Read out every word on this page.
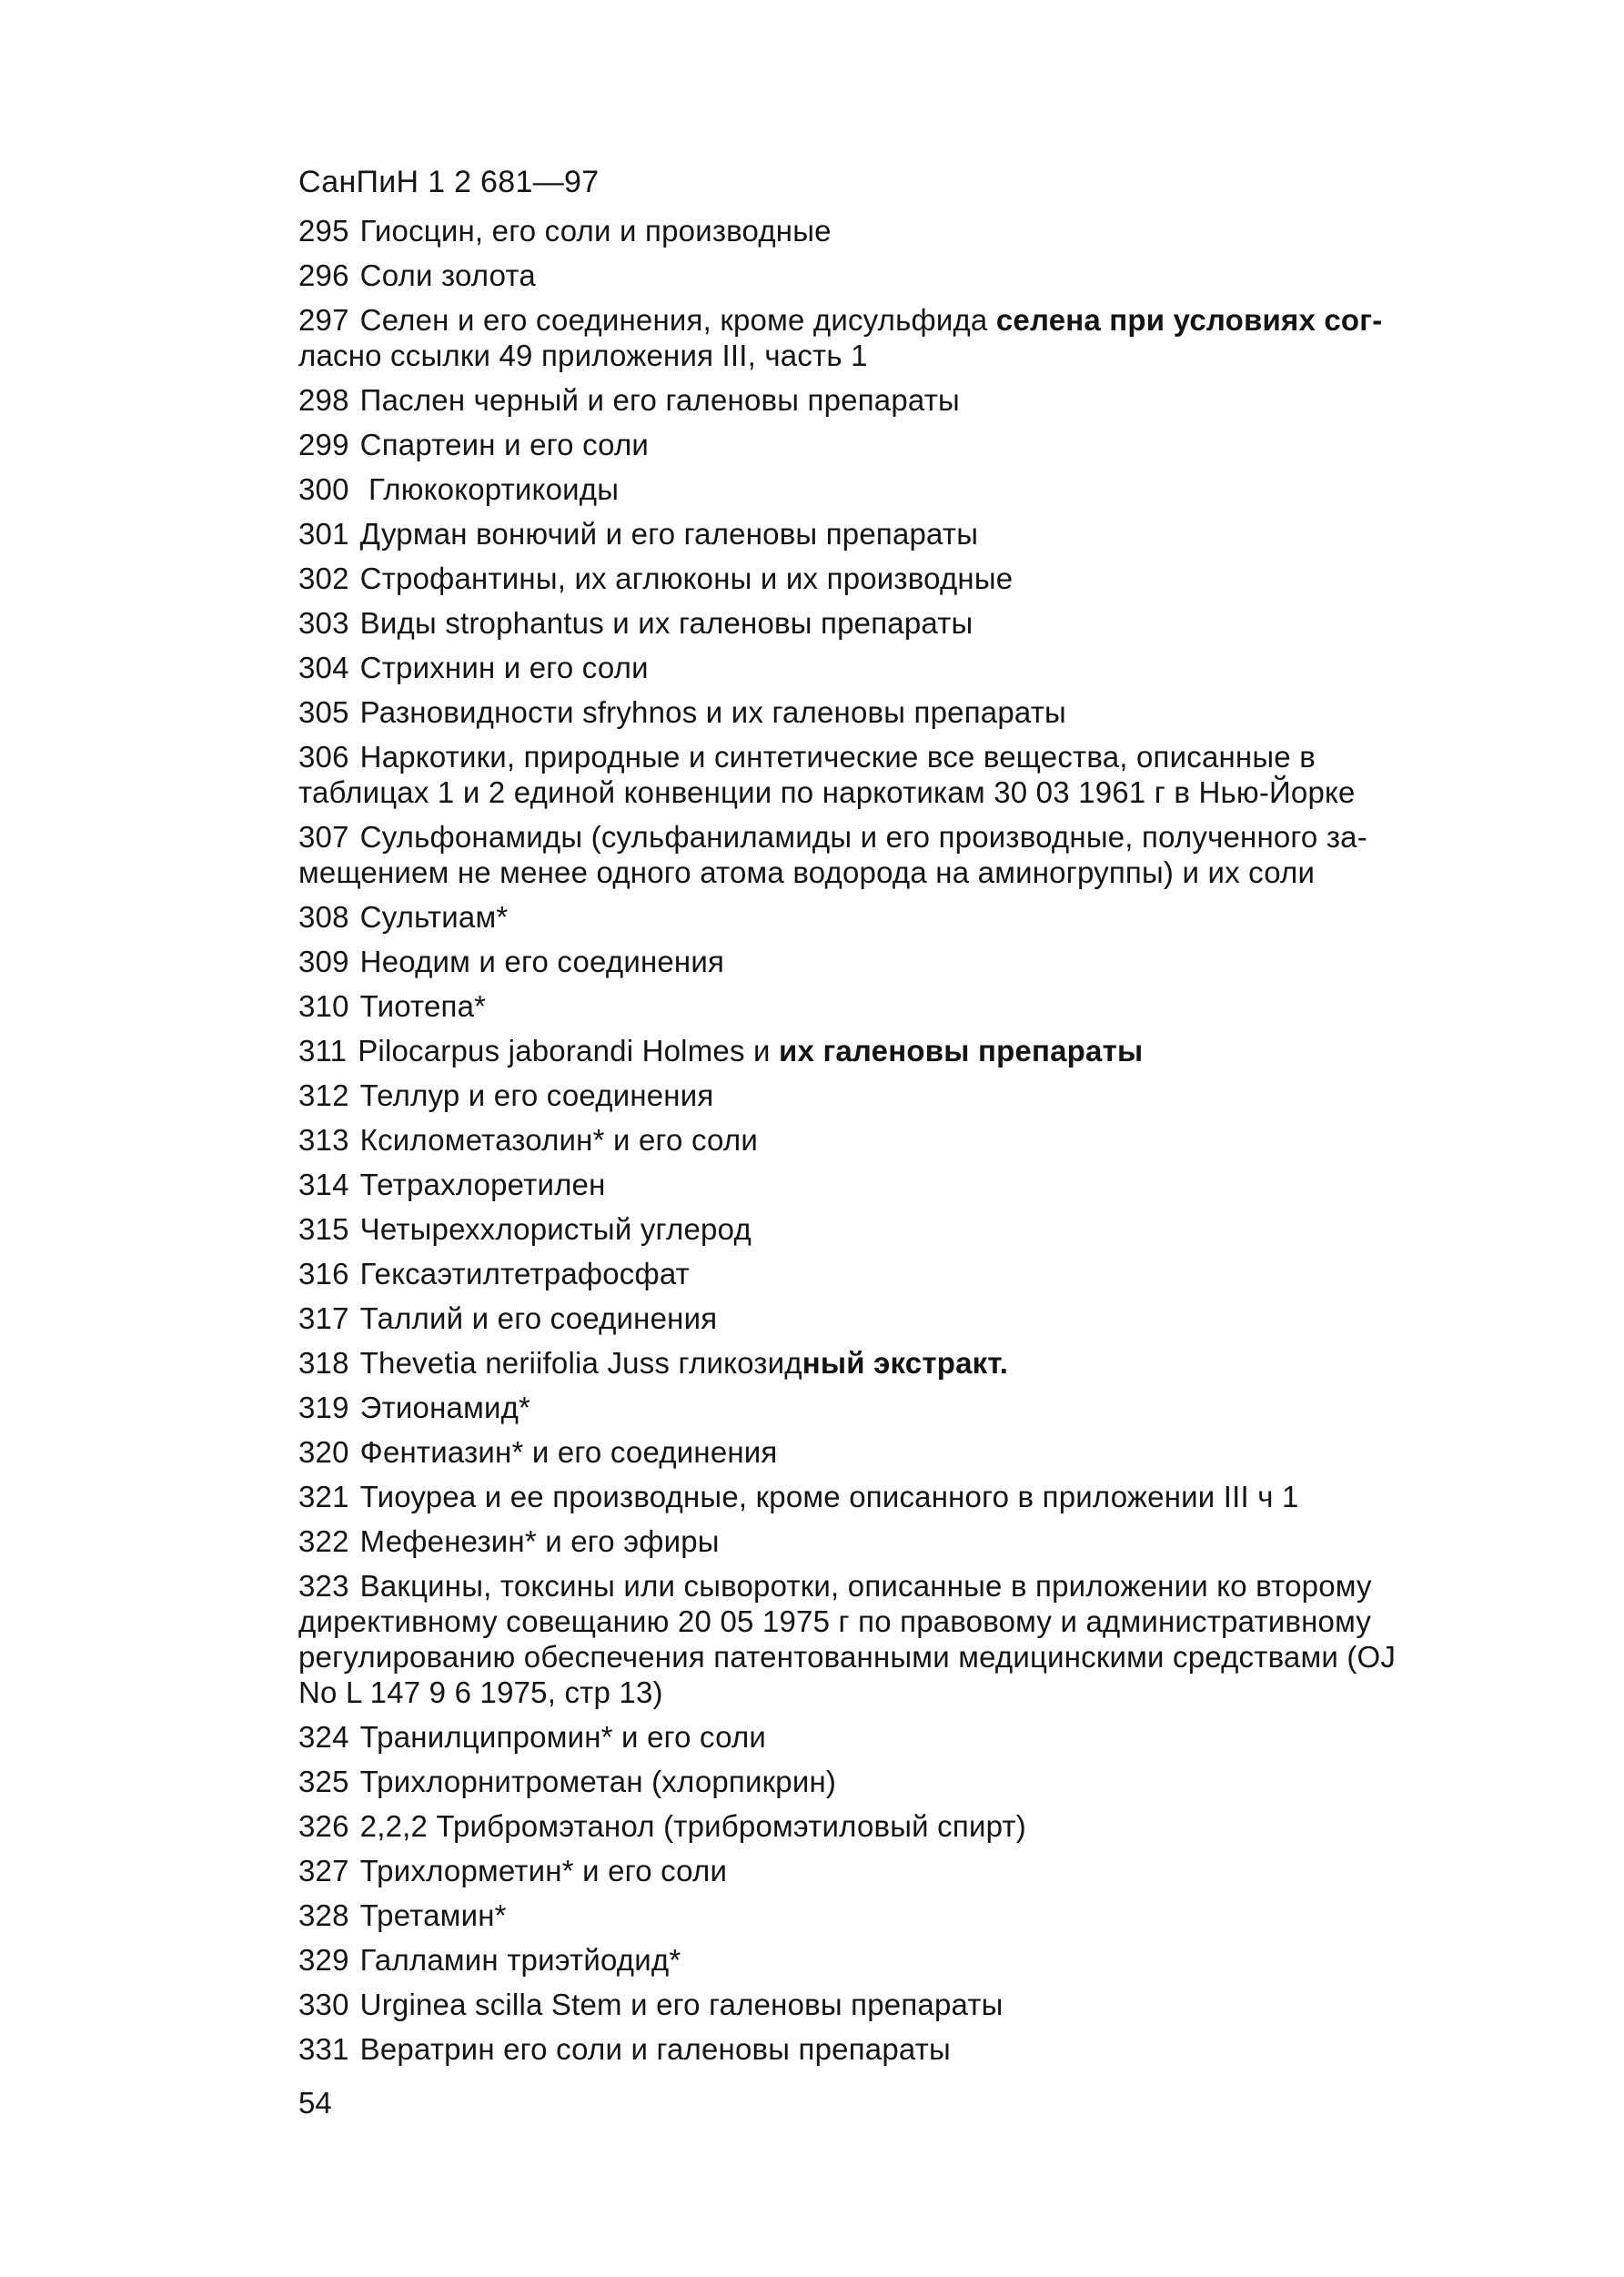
СанПиН 1 2 681—97
295 Гиосцин, его соли и производные
296 Соли золота
297 Селен и его соединения, кроме дисульфида селена при условиях сог-
ласно ссылки 49 приложения III, часть 1
298 Паслен черный и его галеновы препараты
299 Спартеин и его соли
300 Глюкокортикоиды
301 Дурман вонючий и его галеновы препараты
302 Строфантины, их аглюконы и их производные
303 Виды strophantus и их галеновы препараты
304 Стрихнин и его соли
305 Разновидности sfryhnos и их галеновы препараты
306 Наркотики, природные и синтетические все вещества, описанные в
таблицах 1 и 2 единой конвенции по наркотикам 30 03 1961 г в Нью-Йорке
307 Сульфонамиды (сульфаниламиды и его производные, полученного за-
мещением не менее одного атома водорода на аминогруппы) и их соли
308 Сультиам*
309 Неодим и его соединения
310 Тиотепа*
311 Pilocarpus jaborandi Holmes и их галеновы препараты
312 Теллур и его соединения
313 Ксилометазолин* и его соли
314 Тетрахлоретилен
315 Четыреххлористый углерод
316 Гексаэтилтетрафосфат
317 Таллий и его соединения
318 Thevetia neriifolia Juss гликозидный экстракт.
319 Этионамид*
320 Фентиазин* и его соединения
321 Тиоуреа и ее производные, кроме описанного в приложении III ч 1
322 Мефенезин* и его эфиры
323 Вакцины, токсины или сыворотки, описанные в приложении ко второму
директивному совещанию 20 05 1975 г по правовому и административному
регулированию обеспечения патентованными медицинскими средствами (OJ
No L 147 9 6 1975, стр 13)
324 Транилципромин* и его соли
325 Трихлорнитрометан (хлорпикрин)
326 2,2,2 Трибромэтанол (трибромэтиловый спирт)
327 Трихлорметин* и его соли
328 Третамин*
329 Галламин триэтйодид*
330 Urginea scilla Stem и его галеновы препараты
331 Вератрин его соли и галеновы препараты
54
